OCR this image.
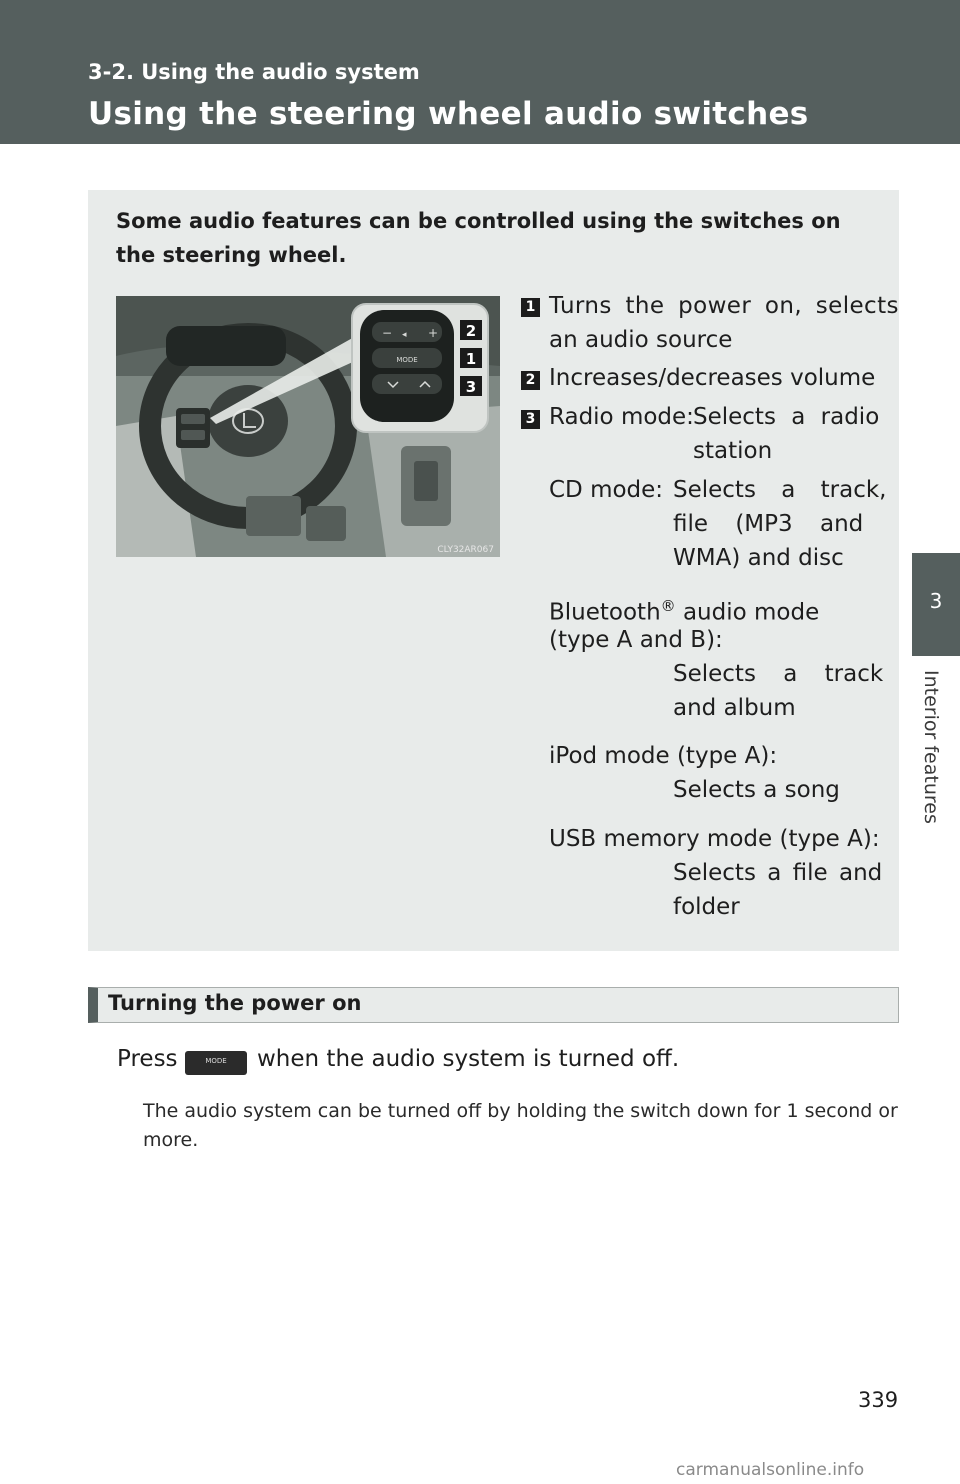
3-2. Using the audio system
Using the steering wheel audio switches
3
Interior features
Some audio features can be controlled using the switches on the steering wheel.
− ◂ +
MODE
2
1
3
CLY32AR067
1 Turns the power on, selects
an audio source
2 Increases/decreases volume
3 Radio mode: Selects a radio
station
CD mode: Selects a track,
file (MP3 and
WMA) and disc
Bluetooth® audio mode
(type A and B):
Selects a track
and album
iPod mode (type A):
Selects a song
USB memory mode (type A):
Selects a file and
folder
Turning the power on
Press	MODE	when the audio system is turned off.
The audio system can be turned off by holding the switch down for 1 second or more.
339
carmanualsonline.info
